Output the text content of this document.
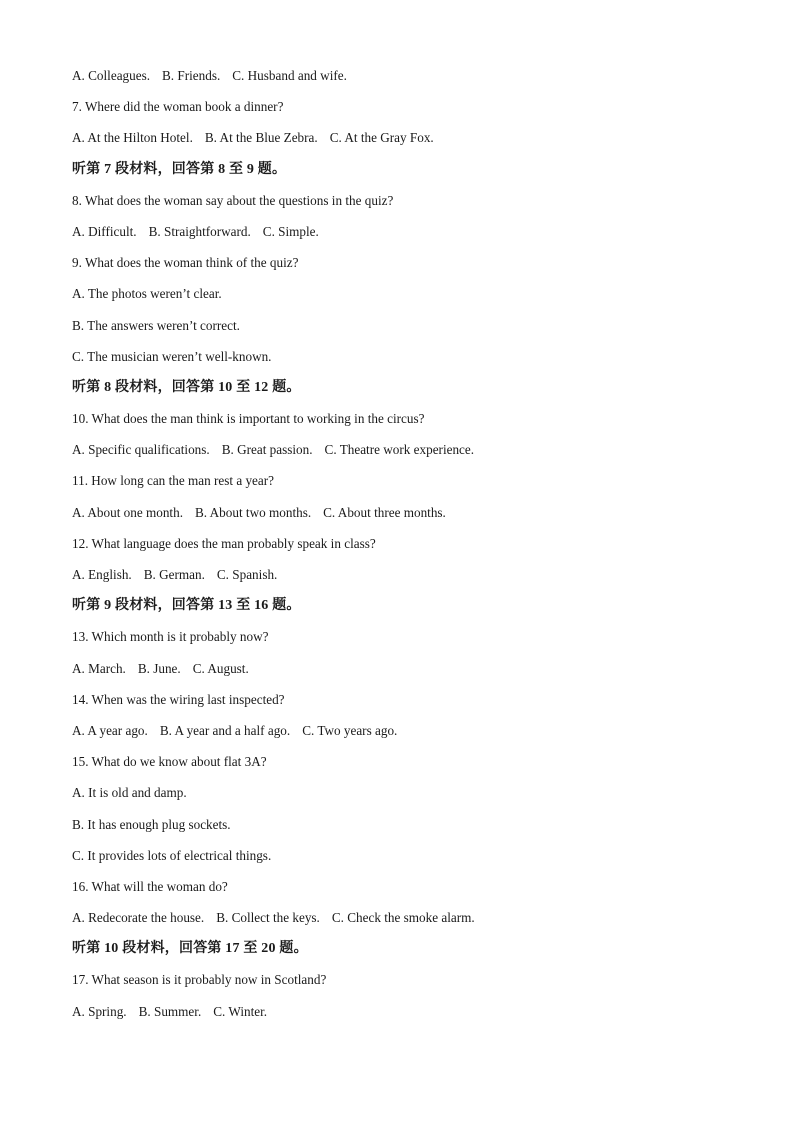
A. Colleagues. B. Friends. C. Husband and wife.
7. Where did the woman book a dinner?
A. At the Hilton Hotel. B. At the Blue Zebra. C. At the Gray Fox.
听第 7 段材料，回答第 8 至 9 题。
8. What does the woman say about the questions in the quiz?
A. Difficult. B. Straightforward. C. Simple.
9. What does the woman think of the quiz?
A. The photos weren’t clear.
B. The answers weren’t correct.
C. The musician weren’t well-known.
听第 8 段材料，回答第 10 至 12 题。
10. What does the man think is important to working in the circus?
A. Specific qualifications. B. Great passion. C. Theatre work experience.
11. How long can the man rest a year?
A. About one month. B. About two months. C. About three months.
12. What language does the man probably speak in class?
A. English. B. German. C. Spanish.
听第 9 段材料，回答第 13 至 16 题。
13. Which month is it probably now?
A. March. B. June. C. August.
14. When was the wiring last inspected?
A. A year ago. B. A year and a half ago. C. Two years ago.
15. What do we know about flat 3A?
A. It is old and damp.
B. It has enough plug sockets.
C. It provides lots of electrical things.
16. What will the woman do?
A. Redecorate the house. B. Collect the keys. C. Check the smoke alarm.
听第 10 段材料，回答第 17 至 20 题。
17. What season is it probably now in Scotland?
A. Spring. B. Summer. C. Winter.
